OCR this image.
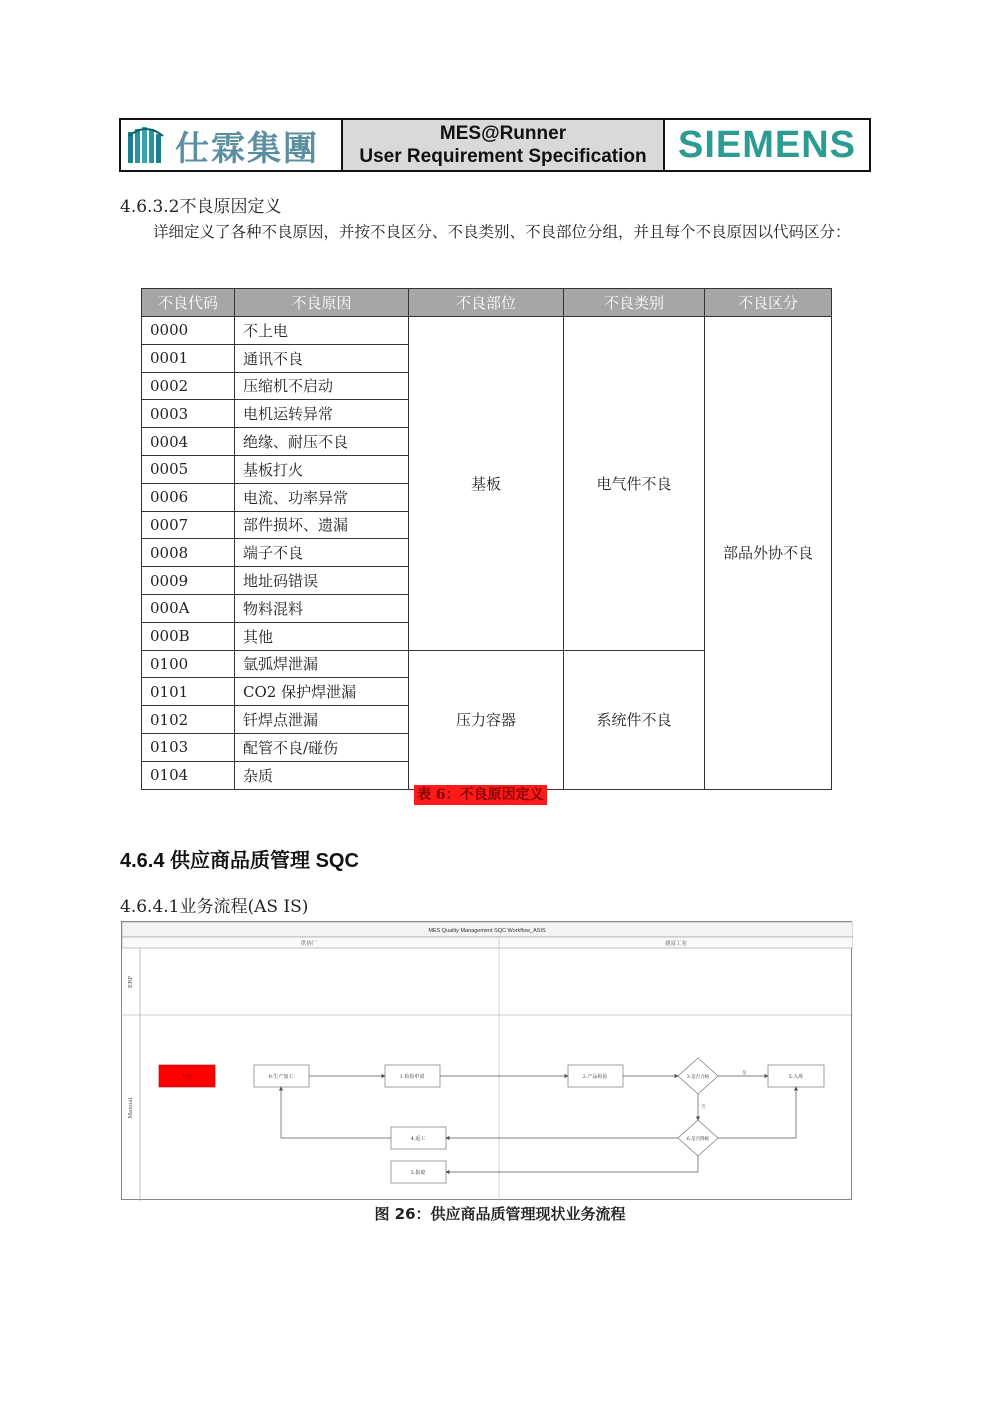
仕霖集團	MES@Runner
User Requirement Specification SIEMENS
4.6.3.2不良原因定义
详细定义了各种不良原因，并按不良区分、不良类别、不良部位分组，并且每个不良原因以代码区分：
不良代码	不良原因	不良部位	不良类别	不良区分
0000	不上电	基板	电气件不良	部品外协不良
0001	通讯不良			
0002	压缩机不启动			
0003	电机运转异常			
0004	绝缘、耐压不良			
0005	基板打火			
0006	电流、功率异常			
0007	部件损坏、遗漏			
0008	端子不良			
0009	地址码错误			
000A	物料混料			
000B	其他			
0100	氩弧焊泄漏	压力容器	系统件不良	
0101	CO2 保护焊泄漏			
0102	钎焊点泄漏			
0103	配管不良/碰伤			
0104	杂质			
表 6：不良原因定义
4.6.4 供应商品质管理 SQC
4.6.4.1业务流程(AS IS)
MES Quality Management SQC Workflow_ASIS
供协厂	捷富工业
ERP
Manual
开始	0.生产加工	1.检验申请	2.产品检验	3.是否合格	5.入库
6.是否降级
4.返工
5.报废
是
否
图 26：供应商品质管理现状业务流程
